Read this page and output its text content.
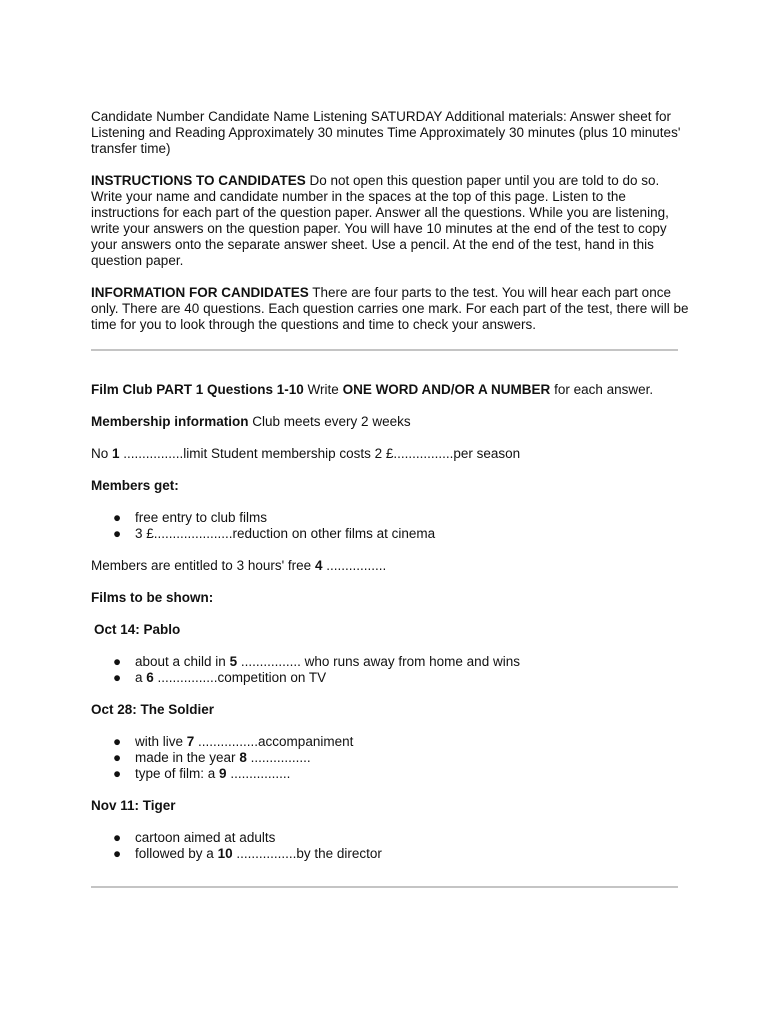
Candidate Number Candidate Name Listening SATURDAY Additional materials: Answer sheet for Listening and Reading Approximately 30 minutes Time Approximately 30 minutes (plus 10 minutes' transfer time)

INSTRUCTIONS TO CANDIDATES Do not open this question paper until you are told to do so. Write your name and candidate number in the spaces at the top of this page. Listen to the instructions for each part of the question paper. Answer all the questions. While you are listening, write your answers on the question paper. You will have 10 minutes at the end of the test to copy your answers onto the separate answer sheet. Use a pencil. At the end of the test, hand in this question paper.

INFORMATION FOR CANDIDATES There are four parts to the test. You will hear each part once only. There are 40 questions. Each question carries one mark. For each part of the test, there will be time for you to look through the questions and time to check your answers.

Film Club PART 1 Questions 1-10 Write ONE WORD AND/OR A NUMBER for each answer.

Membership information Club meets every 2 weeks

No 1 ................limit Student membership costs 2 £................per season

Members get:

● free entry to club films
● 3 £.....................reduction on other films at cinema

Members are entitled to 3 hours' free 4 ................

Films to be shown:

Oct 14: Pablo

● about a child in 5 ................ who runs away from home and wins
● a 6 ................competition on TV

Oct 28: The Soldier

● with live 7 ................accompaniment
● made in the year 8 ................
● type of film: a 9 ................

Nov 11: Tiger

● cartoon aimed at adults
● followed by a 10 ................by the director
